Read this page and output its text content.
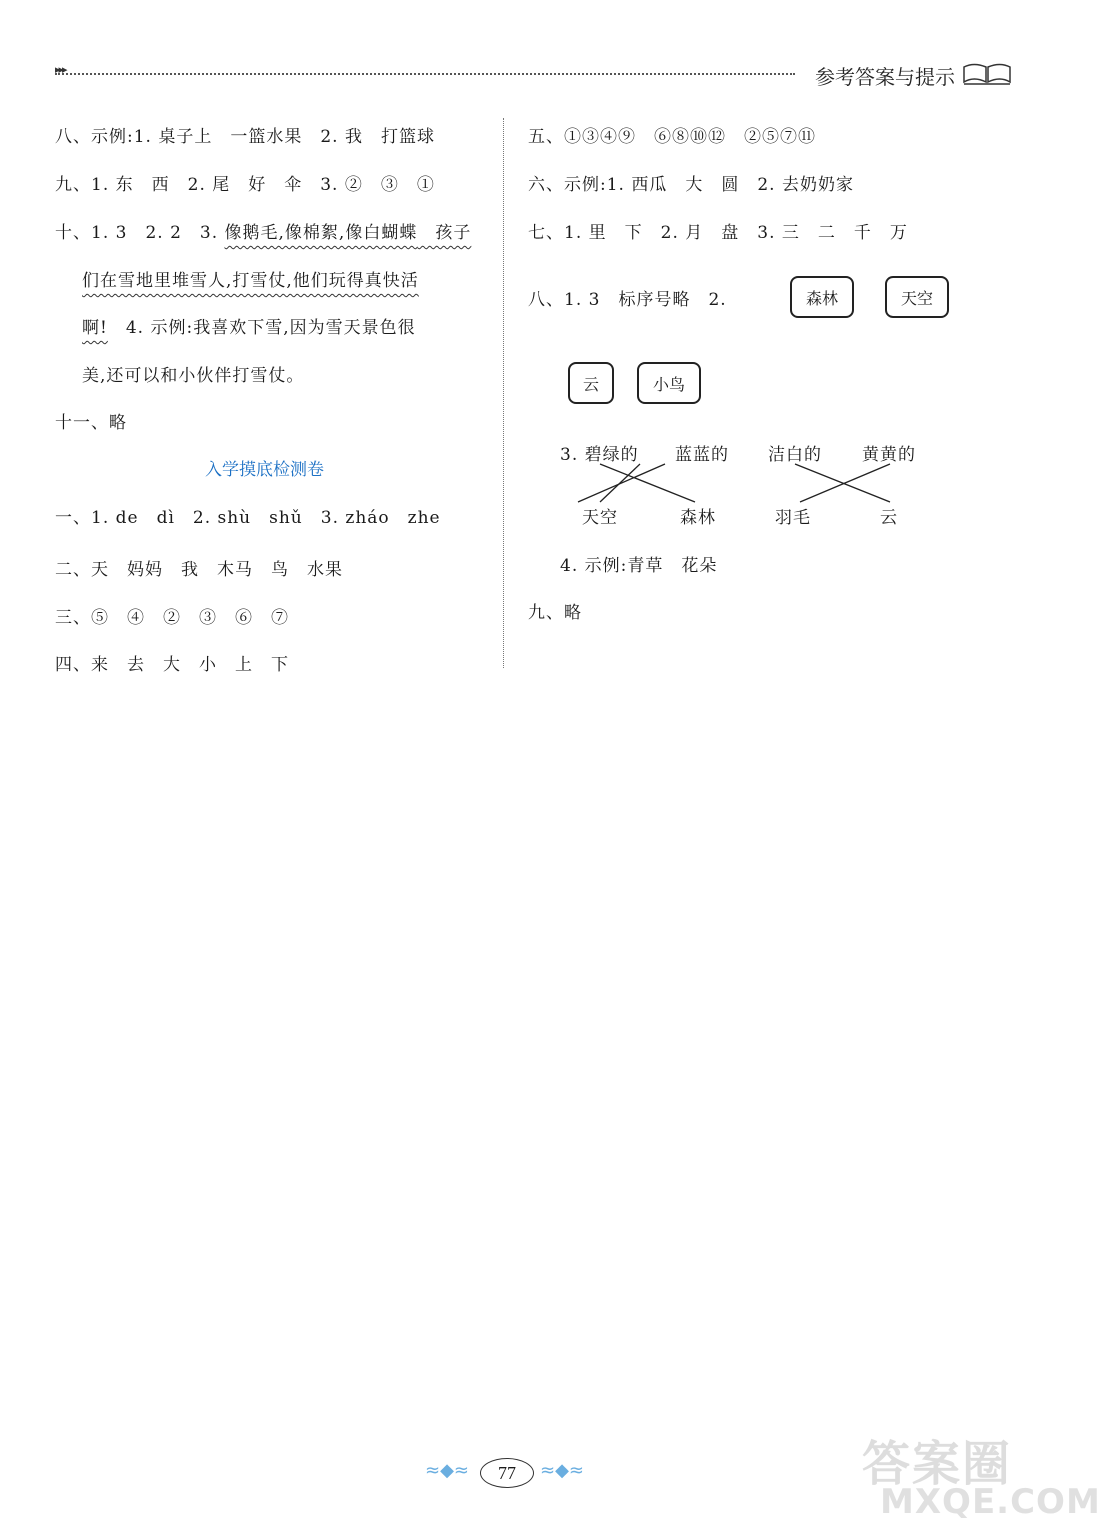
▸▸▸	参考答案与提示
八、示例:1. 桌子上　一篮水果　2. 我　打篮球
九、1. 东　西　2. 尾　好　伞　3. ②　③　①
十、1. 3　2. 2　3. 像鹅毛,像棉絮,像白蝴蝶　孩子
们在雪地里堆雪人,打雪仗,他们玩得真快活
啊!　4. 示例:我喜欢下雪,因为雪天景色很
美,还可以和小伙伴打雪仗。
十一、略
入学摸底检测卷
一、1. de　dì　2. shù　shǔ　3. zháo　zhe
二、天　妈妈　我　木马　鸟　水果
三、⑤　④　②　③　⑥　⑦
四、来　去　大　小　上　下
五、①③④⑨　⑥⑧⑩⑫　②⑤⑦⑪
六、示例:1. 西瓜　大　圆　2. 去奶奶家
七、1. 里　下　2. 月　盘　3. 三　二　千　万
八、1. 3　标序号略　2.	森林	天空
云	小鸟
3. 碧绿的 蓝蓝的 洁白的 黄黄的
天空	森林	羽毛	云
4. 示例:青草　花朵
九、略
≈◆≈	77	≈◆≈	答案圈
MXQE.COM
